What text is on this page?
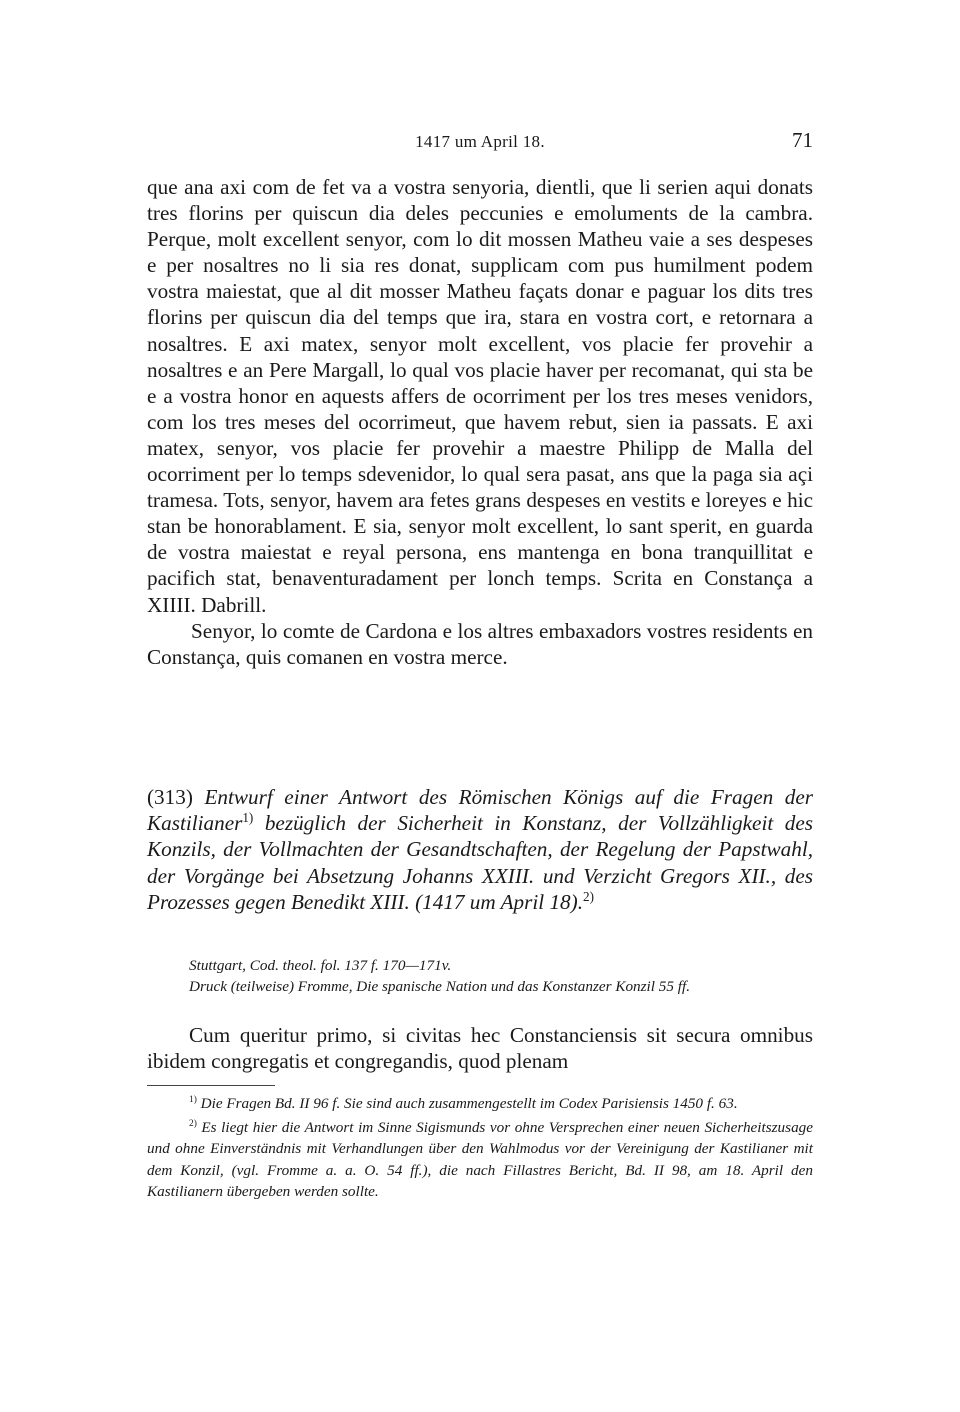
1417 um April 18.	71

que ana axi com de fet va a vostra senyoria, dientli, que li serien aqui donats tres florins per quiscun dia deles peccunies e emoluments de la cambra. Perque, molt excellent senyor, com lo dit mossen Matheu vaie a ses despeses e per nosaltres no li sia res donat, supplicam com pus humilment podem vostra maiestat, que al dit mosser Matheu façats donar e paguar los dits tres florins per quiscun dia del temps que ira, stara en vostra cort, e retornara a nosaltres. E axi matex, senyor molt excellent, vos placie fer provehir a nosaltres e an Pere Margall, lo qual vos placie haver per recomanat, qui sta be e a vostra honor en aquests affers de ocorriment per los tres meses venidors, com los tres meses del ocorrimeut, que havem rebut, sien ia passats. E axi matex, senyor, vos placie fer provehir a maestre Philipp de Malla del ocorriment per lo temps sdevenidor, lo qual sera pasat, ans que la paga sia açi tramesa. Tots, senyor, havem ara fetes grans despeses en vestits e loreyes e hic stan be honorablament. E sia, senyor molt excellent, lo sant sperit, en guarda de vostra maiestat e reyal persona, ens mantenga en bona tranquillitat e pacifich stat, benaventuradament per lonch temps. Scrita en Constança a XIIII. Dabrill.

Senyor, lo comte de Cardona e los altres embaxadors vostres residents en Constança, quis comanen en vostra merce.

(313) Entwurf einer Antwort des Römischen Königs auf die Fragen der Kastilianer$^{1)}$ bezüglich der Sicherheit in Konstanz, der Vollzähligkeit des Konzils, der Vollmachten der Gesandtschaften, der Regelung der Papstwahl, der Vorgänge bei Absetzung Johanns XXIII. und Verzicht Gregors XII., des Prozesses gegen Benedikt XIII. (1417 um April 18).$^{2)}$
Stuttgart, Cod. theol. fol. 137 f. 170—171v.
Druck (teilweise) Fromme, Die spanische Nation und das Konstanzer Konzil 55 ff.
Cum queritur primo, si civitas hec Constanciensis sit secura omnibus ibidem congregatis et congregandis, quod plenam

$^{1)}$ Die Fragen Bd. II 96 f. Sie sind auch zusammengestellt im Codex Parisiensis 1450 f. 63.

$^{2)}$ Es liegt hier die Antwort im Sinne Sigismunds vor ohne Versprechen einer neuen Sicherheitszusage und ohne Einverständnis mit Verhandlungen über den Wahlmodus vor der Vereinigung der Kastilianer mit dem Konzil, (vgl. Fromme a. a. O. 54 ff.), die nach Fillastres Bericht, Bd. II 98, am 18. April den Kastilianern übergeben werden sollte.
